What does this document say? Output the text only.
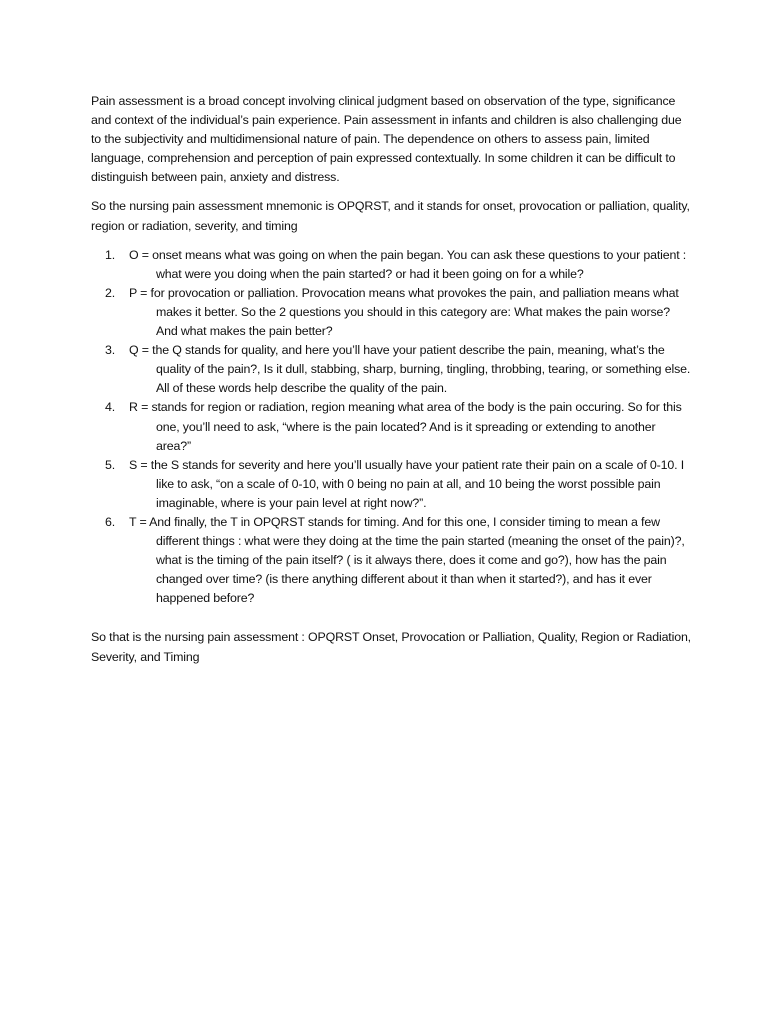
Pain assessment is a broad concept involving clinical judgment based on observation of the type, significance and context of the individual’s pain experience. Pain assessment in infants and children is also challenging due to the subjectivity and multidimensional nature of pain. The dependence on others to assess pain, limited language, comprehension and perception of pain expressed contextually. In some children it can be difficult to distinguish between pain, anxiety and distress.

So the nursing pain assessment mnemonic is OPQRST, and it stands for onset, provocation or palliation, quality, region or radiation, severity, and timing

1. O = onset means what was going on when the pain began. You can ask these questions to your patient : what were you doing when the pain started? or had it been going on for a while?
2. P = for provocation or palliation. Provocation means what provokes the pain, and palliation means what makes it better. So the 2 questions you should in this category are: What makes the pain worse? And what makes the pain better?
3. Q = the Q stands for quality, and here you’ll have your patient describe the pain, meaning, what’s the quality of the pain?, Is it dull, stabbing, sharp, burning, tingling, throbbing, tearing, or something else. All of these words help describe the quality of the pain.
4. R = stands for region or radiation, region meaning what area of the body is the pain occuring. So for this one, you’ll need to ask, “where is the pain located? And is it spreading or extending to another area?”
5. S = the S stands for severity and here you’ll usually have your patient rate their pain on a scale of 0-10. I like to ask, “on a scale of 0-10, with 0 being no pain at all, and 10 being the worst possible pain imaginable, where is your pain level at right now?”.
6. T = And finally, the T in OPQRST stands for timing. And for this one, I consider timing to mean a few different things : what were they doing at the time the pain started (meaning the onset of the pain)?, what is the timing of the pain itself? ( is it always there, does it come and go?), how has the pain changed over time? (is there anything different about it than when it started?), and has it ever happened before?

So that is the nursing pain assessment : OPQRST Onset, Provocation or Palliation, Quality, Region or Radiation, Severity, and Timing
